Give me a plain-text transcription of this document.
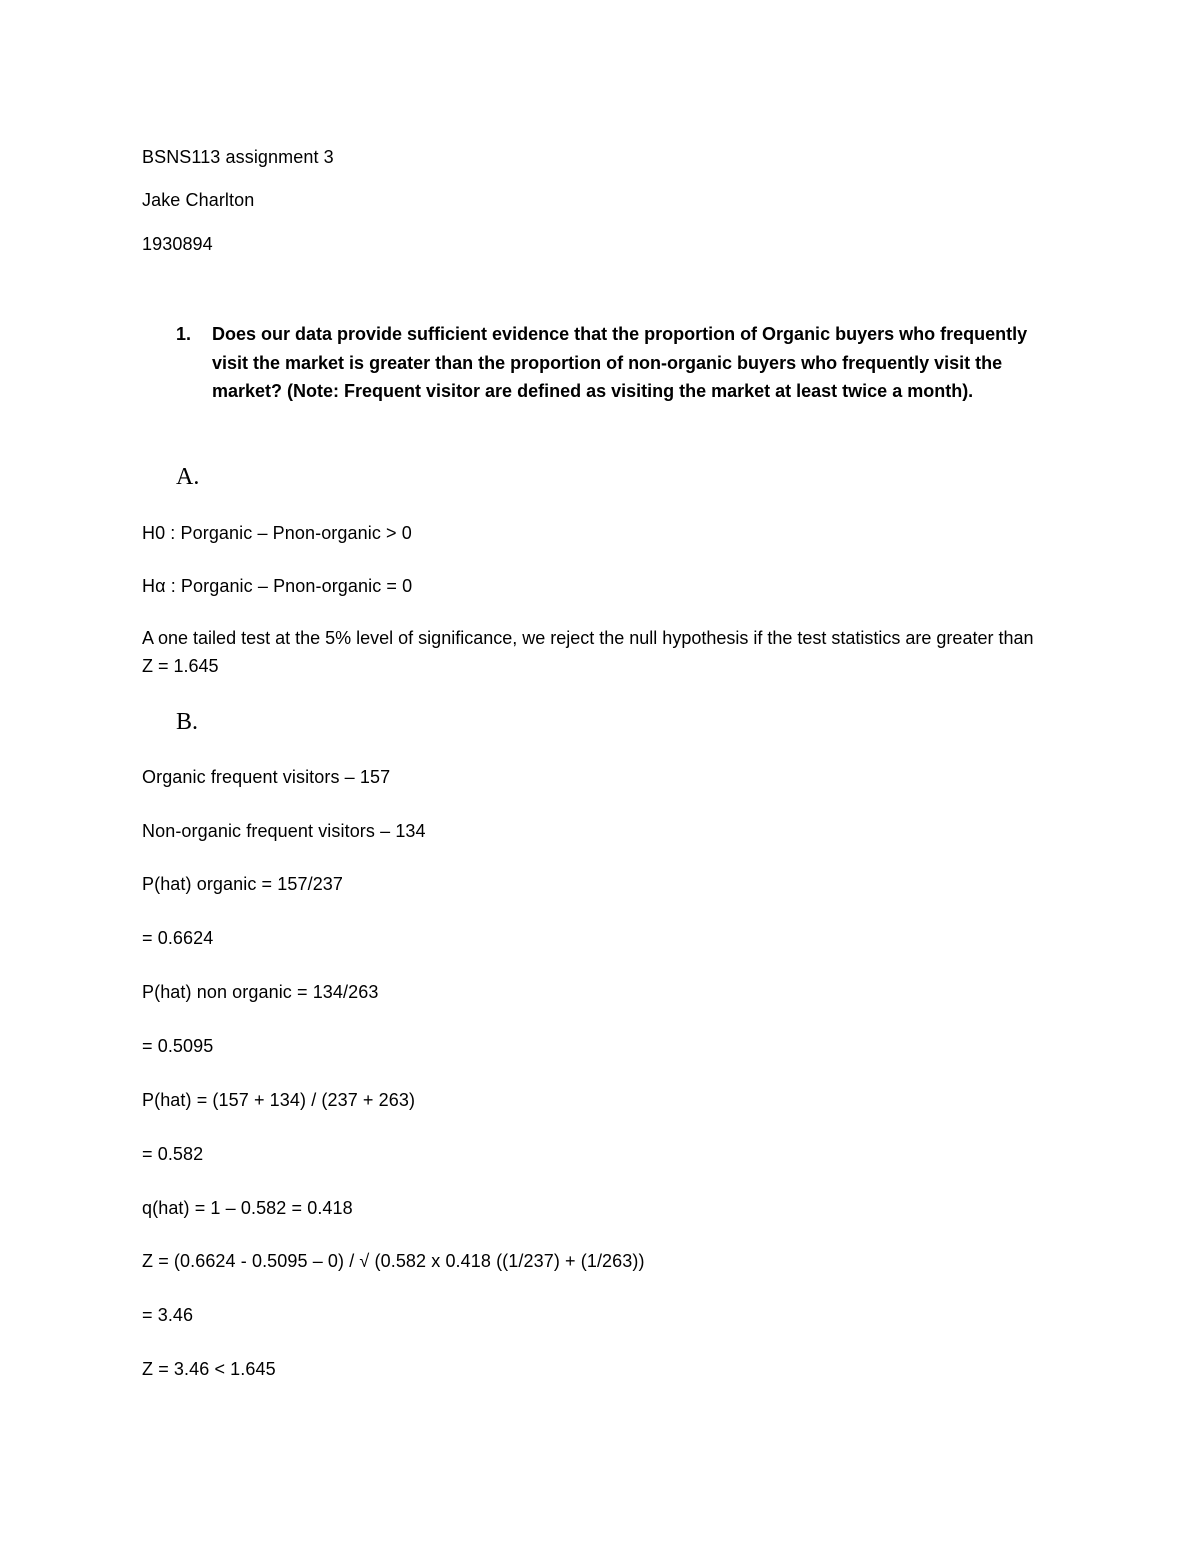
BSNS113 assignment 3
Jake Charlton
1930894
1.	Does our data provide sufficient evidence that the proportion of Organic buyers who frequently visit the market is greater than the proportion of non-organic buyers who frequently visit the market? (Note: Frequent visitor are defined as visiting the market at least twice a month).
A.
H0 : Porganic – Pnon-organic > 0
Hα : Porganic – Pnon-organic = 0
A one tailed test at the 5% level of significance, we reject the null hypothesis if the test statistics are greater than Z = 1.645
B.
Organic frequent visitors – 157
Non-organic frequent visitors – 134
P(hat) organic = 157/237
= 0.6624
P(hat) non organic = 134/263
= 0.5095
P(hat) = (157 + 134) / (237 + 263)
= 0.582
q(hat) = 1 – 0.582 = 0.418
Z = (0.6624 - 0.5095 – 0) / √ (0.582 x 0.418 ((1/237) + (1/263))
= 3.46
Z = 3.46 < 1.645
